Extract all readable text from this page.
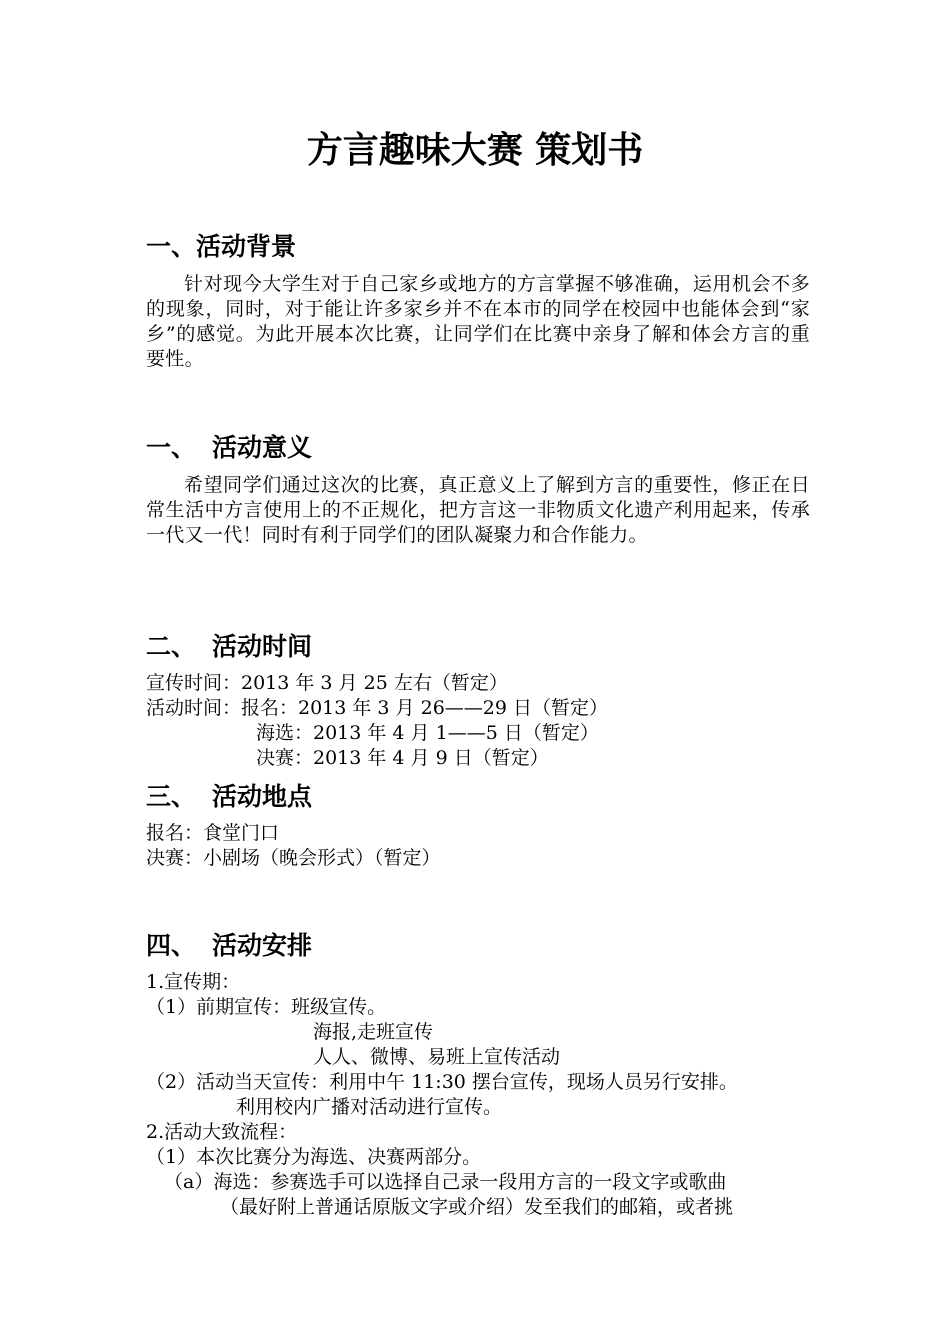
方言趣味大赛 策划书
一、活动背景
针对现今大学生对于自己家乡或地方的方言掌握不够准确，运用机会不多的现象，同时，对于能让许多家乡并不在本市的同学在校园中也能体会到“家乡”的感觉。为此开展本次比赛，让同学们在比赛中亲身了解和体会方言的重要性。
一、 活动意义
希望同学们通过这次的比赛，真正意义上了解到方言的重要性，修正在日常生活中方言使用上的不正规化，把方言这一非物质文化遗产利用起来，传承一代又一代！同时有利于同学们的团队凝聚力和合作能力。
二、 活动时间
宣传时间：2013 年 3 月 25 左右（暂定）
活动时间：报名：2013 年 3 月 26——29 日（暂定）
海选：2013 年 4 月 1——5 日（暂定）
决赛：2013 年 4 月 9 日（暂定）
三、 活动地点
报名：食堂门口
决赛：小剧场（晚会形式）（暂定）
四、 活动安排
1.宣传期：
（1）前期宣传：班级宣传。
海报,走班宣传
人人、微博、易班上宣传活动
（2）活动当天宣传：利用中午 11:30 摆台宣传，现场人员另行安排。
利用校内广播对活动进行宣传。
2.活动大致流程：
（1）本次比赛分为海选、决赛两部分。
（a）海选：参赛选手可以选择自己录一段用方言的一段文字或歌曲
（最好附上普通话原版文字或介绍）发至我们的邮箱，或者挑
